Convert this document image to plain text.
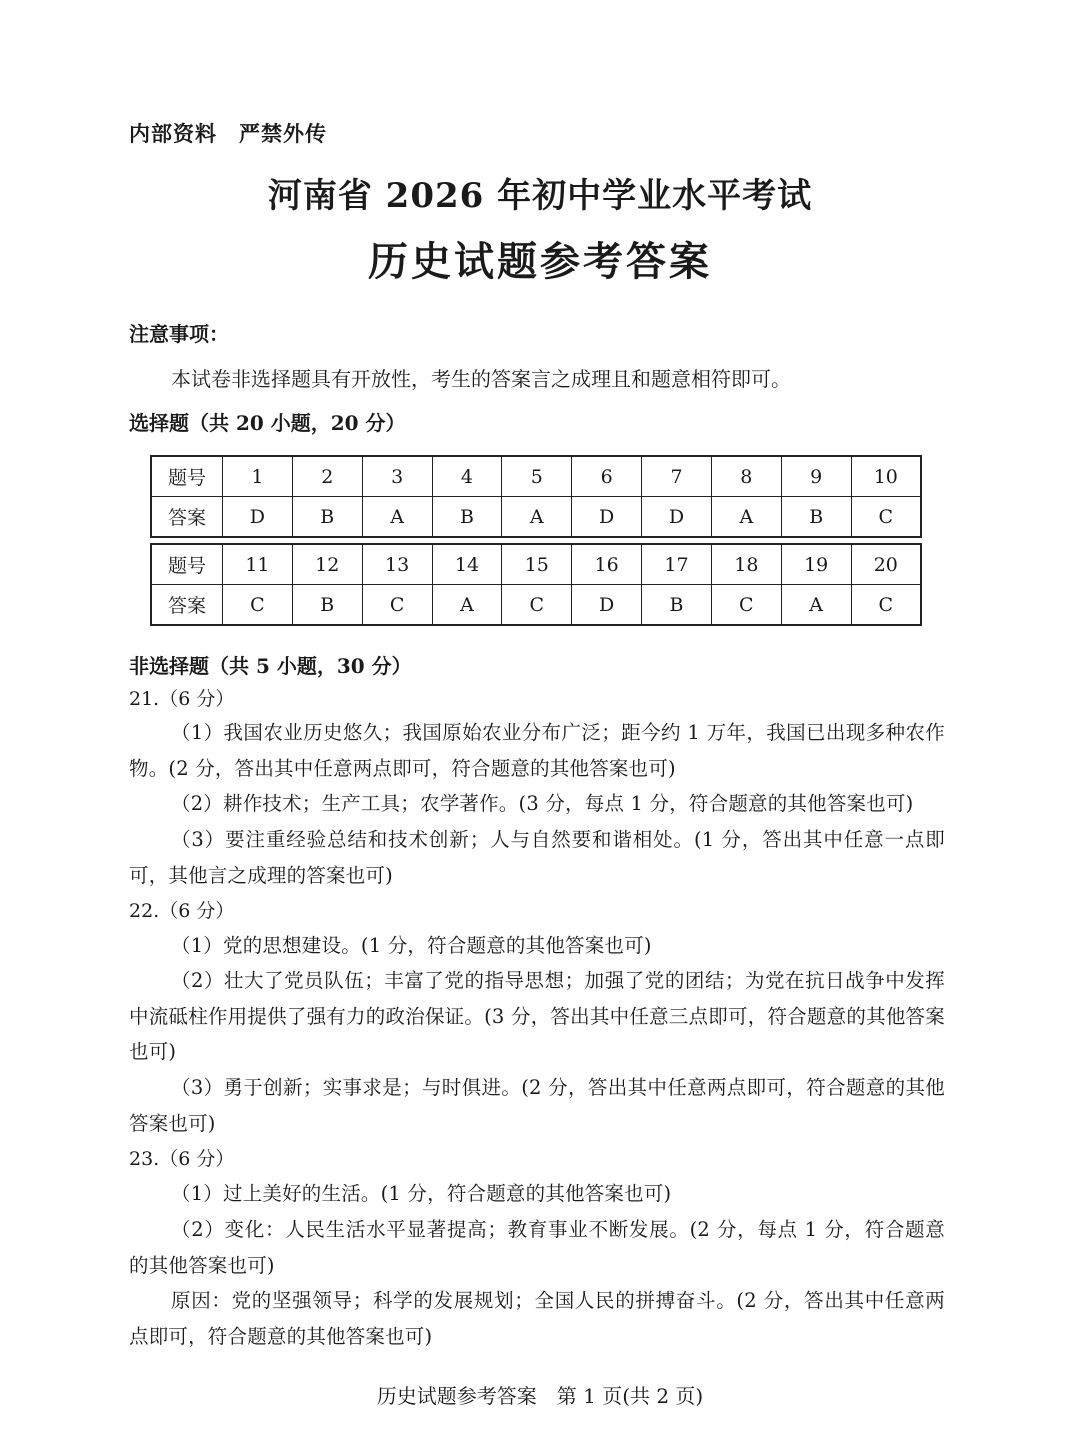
内部资料　严禁外传
河南省 2026 年初中学业水平考试
历史试题参考答案
注意事项：
本试卷非选择题具有开放性，考生的答案言之成理且和题意相符即可。
选择题（共 20 小题，20 分）
题号	1	2	3	4	5	6	7	8	9	10
答案	D	B	A	B	A	D	D	A	B	C
题号	11	12	13	14	15	16	17	18	19	20
答案	C	B	C	A	C	D	B	C	A	C
非选择题（共 5 小题，30 分）
21.（6 分）
（1）我国农业历史悠久；我国原始农业分布广泛；距今约 1 万年，我国已出现多种农作物。(2 分，答出其中任意两点即可，符合题意的其他答案也可)
（2）耕作技术；生产工具；农学著作。(3 分，每点 1 分，符合题意的其他答案也可)
（3）要注重经验总结和技术创新；人与自然要和谐相处。(1 分，答出其中任意一点即可，其他言之成理的答案也可)
22.（6 分）
（1）党的思想建设。(1 分，符合题意的其他答案也可)
（2）壮大了党员队伍；丰富了党的指导思想；加强了党的团结；为党在抗日战争中发挥中流砥柱作用提供了强有力的政治保证。(3 分，答出其中任意三点即可，符合题意的其他答案也可)
（3）勇于创新；实事求是；与时俱进。(2 分，答出其中任意两点即可，符合题意的其他答案也可)
23.（6 分）
（1）过上美好的生活。(1 分，符合题意的其他答案也可)
（2）变化：人民生活水平显著提高；教育事业不断发展。(2 分，每点 1 分，符合题意的其他答案也可)
原因：党的坚强领导；科学的发展规划；全国人民的拼搏奋斗。(2 分，答出其中任意两点即可，符合题意的其他答案也可)
历史试题参考答案　第 1 页(共 2 页)
